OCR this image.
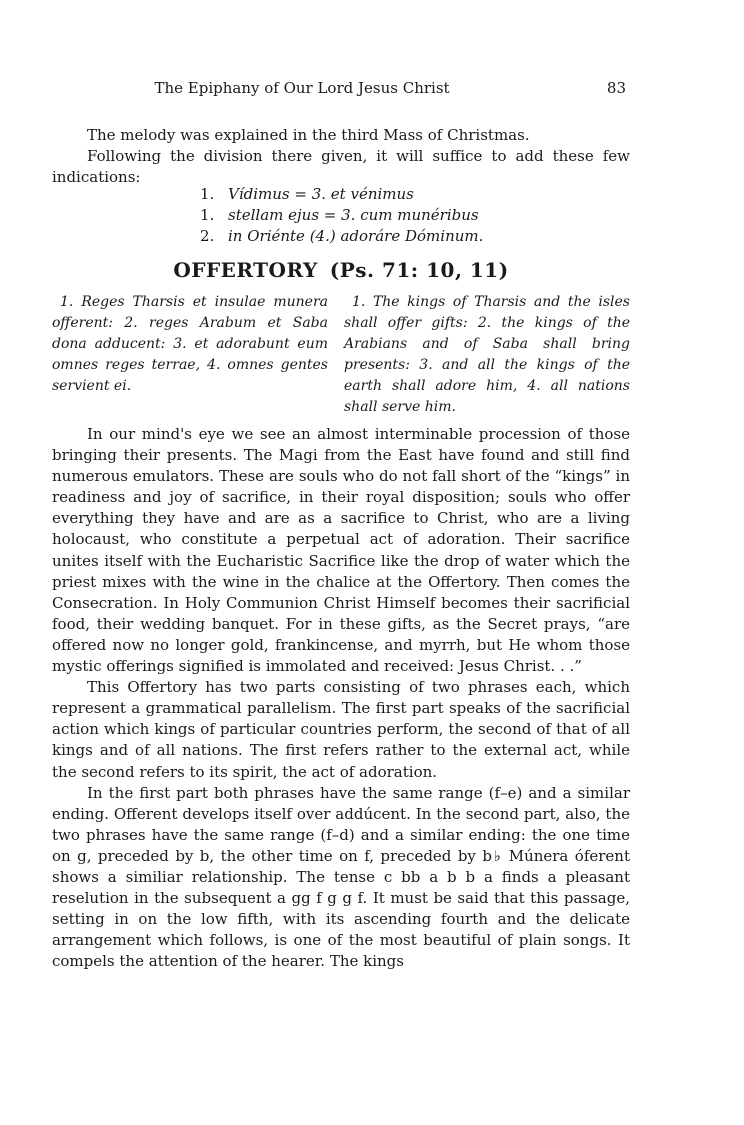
The Epiphany of Our Lord Jesus Christ	83

The melody was explained in the third Mass of Christmas.

Following the division there given, it will suffice to add these few indications:

1. Vídimus = 3. et vénimus
1. stellam ejus = 3. cum munéribus
2. in Oriénte (4.) adoráre Dóminum.
OFFERTORY (Ps. 71: 10, 11)

1. Reges Tharsis et insulae munera offerent: 2. reges Arabum et Saba dona adducent: 3. et adorabunt eum omnes reges terrae, 4. omnes gentes servient ei.

1. The kings of Tharsis and the isles shall offer gifts: 2. the kings of the Arabians and of Saba shall bring presents: 3. and all the kings of the earth shall adore him, 4. all nations shall serve him.

In our mind's eye we see an almost interminable procession of those bringing their presents. The Magi from the East have found and still find numerous emulators. These are souls who do not fall short of the “kings” in readiness and joy of sacrifice, in their royal disposition; souls who offer everything they have and are as a sacrifice to Christ, who are a living holocaust, who constitute a perpetual act of adoration. Their sacrifice unites itself with the Eucharistic Sacrifice like the drop of water which the priest mixes with the wine in the chalice at the Offertory. Then comes the Consecration. In Holy Communion Christ Himself becomes their sacrificial food, their wedding banquet. For in these gifts, as the Secret prays, “are offered now no longer gold, frankincense, and myrrh, but He whom those mystic offerings signified is immolated and received: Jesus Christ. . .”

This Offertory has two parts consisting of two phrases each, which represent a grammatical parallelism. The first part speaks of the sacrificial action which kings of particular countries perform, the second of that of all kings and of all nations. The first refers rather to the external act, while the second refers to its spirit, the act of adoration.

In the first part both phrases have the same range (f–e) and a similar ending. Offerent develops itself over addúcent. In the second part, also, the two phrases have the same range (f–d) and a similar ending: the one time on g, preceded by b, the other time on f, preceded by b♭ Múnera óferent shows a similiar relationship. The tense c bb a b b a finds a pleasant reselution in the subsequent a gg f g g f. It must be said that this passage, setting in on the low fifth, with its ascending fourth and the delicate arrangement which follows, is one of the most beautiful of plain songs. It compels the attention of the hearer. The kings
